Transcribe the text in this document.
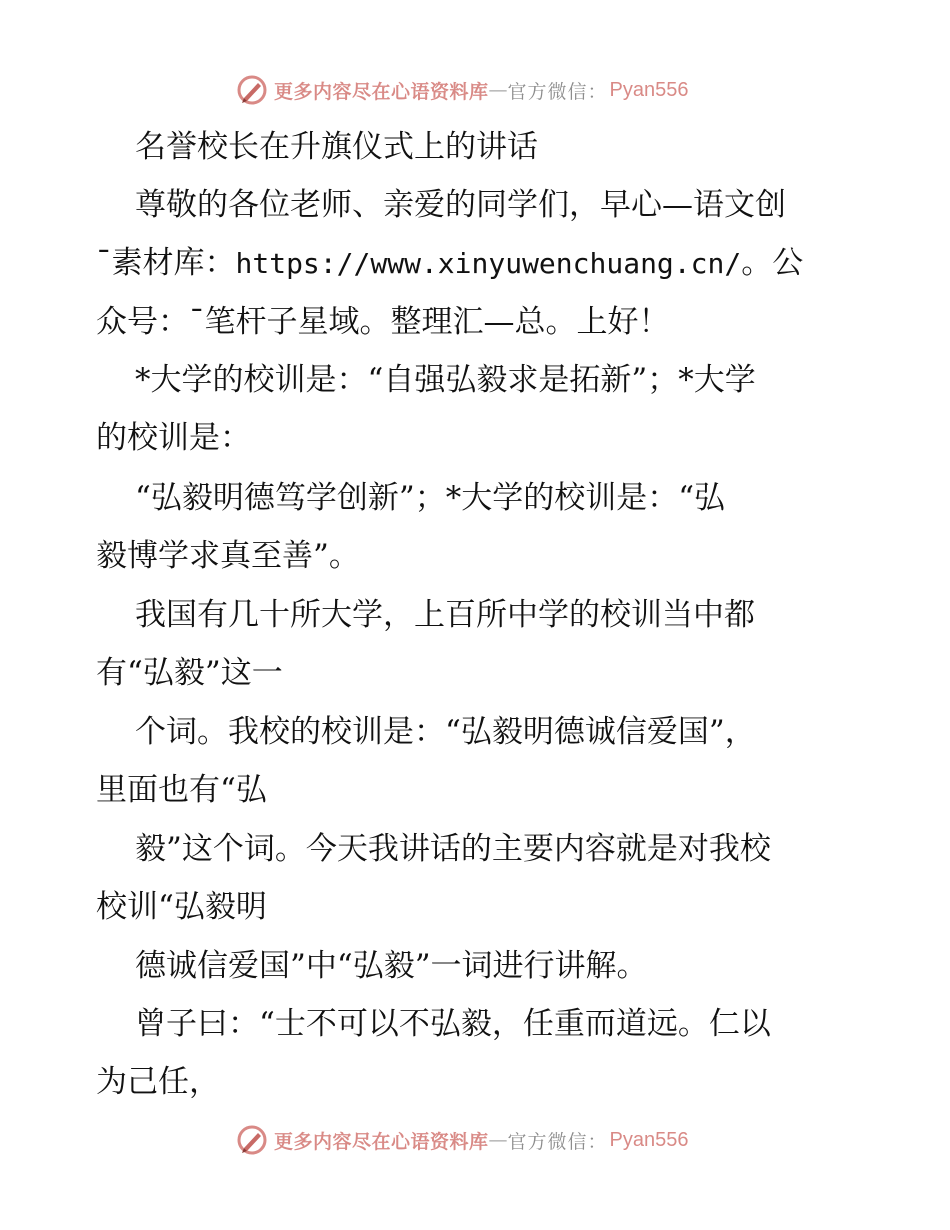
更多内容尽在心语资料库 — 官方微信： Pyan556
名誉校长在升旗仪式上的讲话
尊敬的各位老师、亲爱的同学们，早心—语文创
¯素材库：https://www.xinyuwenchuang.cn/。公
众号：¯笔杆子星域。整理汇—总。上好！
*大学的校训是：“自强弘毅求是拓新”；*大学
的校训是：
“弘毅明德笃学创新”；*大学的校训是：“弘
毅博学求真至善”。
我国有几十所大学，上百所中学的校训当中都
有“弘毅”这一
个词。我校的校训是：“弘毅明德诚信爱国”，
里面也有“弘
毅”这个词。今天我讲话的主要内容就是对我校
校训“弘毅明
德诚信爱国”中“弘毅”一词进行讲解。
曾子曰：“士不可以不弘毅，任重而道远。仁以
为己任，
更多内容尽在心语资料库 — 官方微信： Pyan556
